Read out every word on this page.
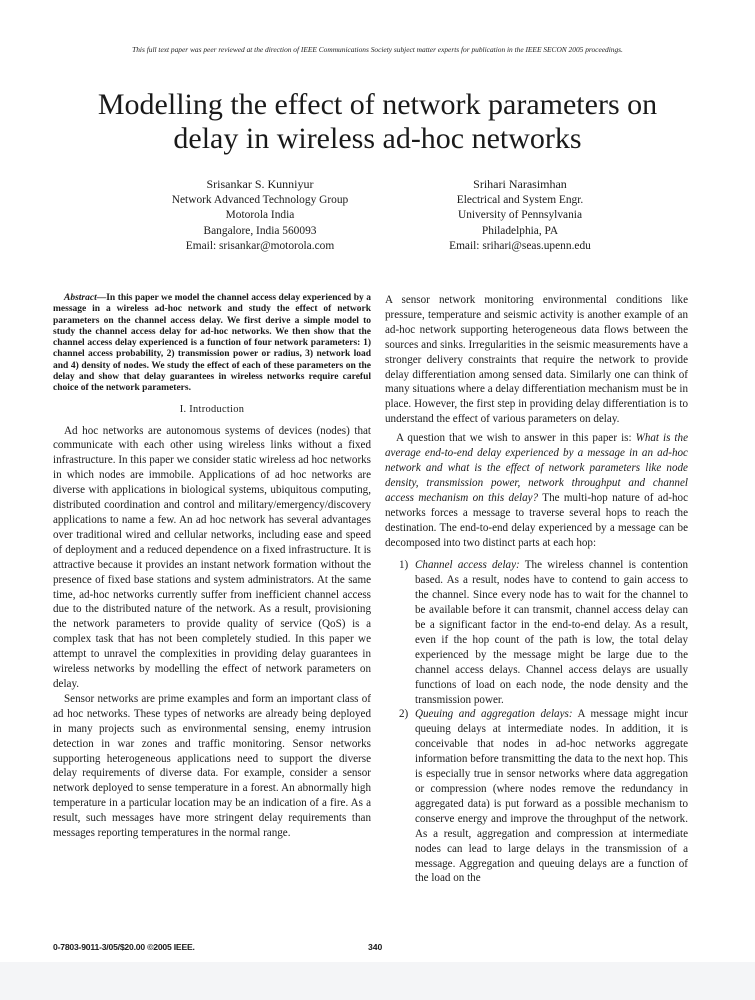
This full text paper was peer reviewed at the direction of IEEE Communications Society subject matter experts for publication in the IEEE SECON 2005 proceedings.
Modelling the effect of network parameters on
delay in wireless ad-hoc networks
Srisankar S. Kunniyur
Network Advanced Technology Group
Motorola India
Bangalore, India 560093
Email: srisankar@motorola.com
Srihari Narasimhan
Electrical and System Engr.
University of Pennsylvania
Philadelphia, PA
Email: srihari@seas.upenn.edu
Abstract—In this paper we model the channel access delay experienced by a message in a wireless ad-hoc network and study the effect of network parameters on the channel access delay. We first derive a simple model to study the channel access delay for ad-hoc networks. We then show that the channel access delay experienced is a function of four network parameters: 1) channel access probability, 2) transmission power or radius, 3) network load and 4) density of nodes. We study the effect of each of these parameters on the delay and show that delay guarantees in wireless networks require careful choice of the network parameters.
I. Introduction

Ad hoc networks are autonomous systems of devices (nodes) that communicate with each other using wireless links without a fixed infrastructure. In this paper we consider static wireless ad hoc networks in which nodes are immobile. Applications of ad hoc networks are diverse with applications in biological systems, ubiquitous computing, distributed coordination and control and military/emergency/discovery applications to name a few. An ad hoc network has several advantages over traditional wired and cellular networks, including ease and speed of deployment and a reduced dependence on a fixed infrastructure. It is attractive because it provides an instant network formation without the presence of fixed base stations and system administrators. At the same time, ad-hoc networks currently suffer from inefficient channel access due to the distributed nature of the network. As a result, provisioning the network parameters to provide quality of service (QoS) is a complex task that has not been completely studied. In this paper we attempt to unravel the complexities in providing delay guarantees in wireless networks by modelling the effect of network parameters on delay.

Sensor networks are prime examples and form an important class of ad hoc networks. These types of networks are already being deployed in many projects such as environmental sensing, enemy intrusion detection in war zones and traffic monitoring. Sensor networks supporting heterogeneous applications need to support the diverse delay requirements of diverse data. For example, consider a sensor network deployed to sense temperature in a forest. An abnormally high temperature in a particular location may be an indication of a fire. As a result, such messages have more stringent delay requirements than messages reporting temperatures in the normal range.

A sensor network monitoring environmental conditions like pressure, temperature and seismic activity is another example of an ad-hoc network supporting heterogeneous data flows between the sources and sinks. Irregularities in the seismic measurements have a stronger delivery constraints that require the network to provide delay differentiation among sensed data. Similarly one can think of many situations where a delay differentiation mechanism must be in place. However, the first step in providing delay differentiation is to understand the effect of various parameters on delay.

A question that we wish to answer in this paper is: What is the average end-to-end delay experienced by a message in an ad-hoc network and what is the effect of network parameters like node density, transmission power, network throughput and channel access mechanism on this delay? The multi-hop nature of ad-hoc networks forces a message to traverse several hops to reach the destination. The end-to-end delay experienced by a message can be decomposed into two distinct parts at each hop:

1) Channel access delay: The wireless channel is contention based. As a result, nodes have to contend to gain access to the channel. Since every node has to wait for the channel to be available before it can transmit, channel access delay can be a significant factor in the end-to-end delay. As a result, even if the hop count of the path is low, the total delay experienced by the message might be large due to the channel access delays. Channel access delays are usually functions of load on each node, the node density and the transmission power.
2) Queuing and aggregation delays: A message might incur queuing delays at intermediate nodes. In addition, it is conceivable that nodes in ad-hoc networks aggregate information before transmitting the data to the next hop. This is especially true in sensor networks where data aggregation or compression (where nodes remove the redundancy in aggregated data) is put forward as a possible mechanism to conserve energy and improve the throughput of the network. As a result, aggregation and compression at intermediate nodes can lead to large delays in the transmission of a message. Aggregation and queuing delays are a function of the load on the
0-7803-9011-3/05/$20.00 ©2005 IEEE.	340
